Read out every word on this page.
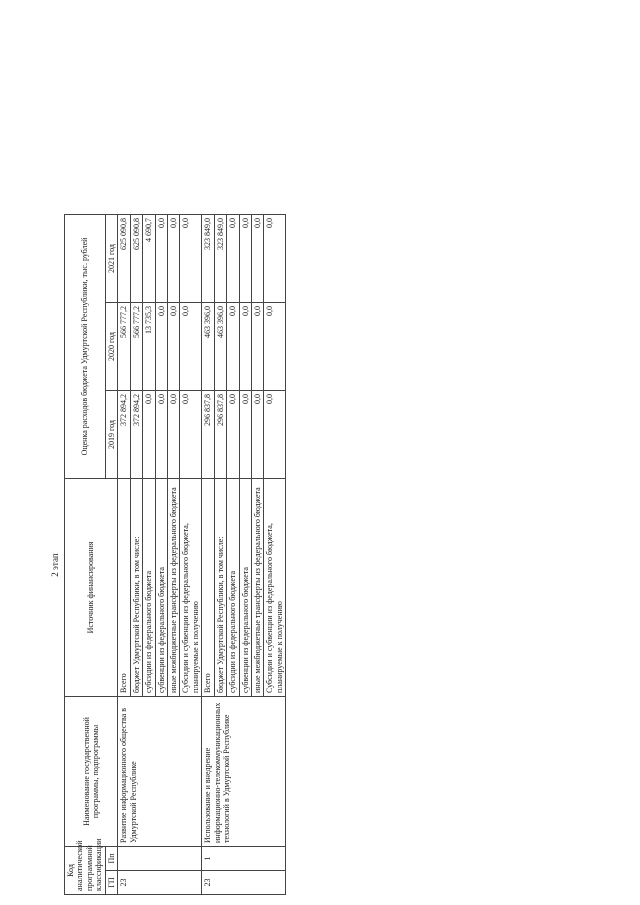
2 этап
Код аналитической программной классификации		Наименование государственной программы, подпрограммы	Источник финансирования	Оценка расходов бюджета Удмуртской Республики, тыс. рублей		
ГП	Пп			2019 год	2020 год	2021 год
23		Развитие информационного общества в Удмуртской Республике	Всего	372 894,2	566 777,2	625 090,8
			бюджет Удмуртской Республики, в том числе:	372 894,2	566 777,2	625 090,8
			субсидии из федерального бюджета	0,0	13 735,3	4 690,7
			субвенции из федерального бюджета	0,0	0,0	0,0
			иные межбюджетные трансферты из федерального бюджета	0,0	0,0	0,0
			Субсидии и субвенции из федерального бюджета, планируемые к получению	0,0	0,0	0,0
23	1	Использование и внедрение информационно-телекоммуникационных технологий в Удмуртской Республике	Всего	296 837,8	463 396,0	323 849,0
			бюджет Удмуртской Республики, в том числе:	296 837,8	463 396,0	323 849,0
			субсидии из федерального бюджета	0,0	0,0	0,0
			субвенции из федерального бюджета	0,0	0,0	0,0
			иные межбюджетные трансферты из федерального бюджета	0,0	0,0	0,0
			Субсидии и субвенции из федерального бюджета, планируемые к получению	0,0	0,0	0,0
